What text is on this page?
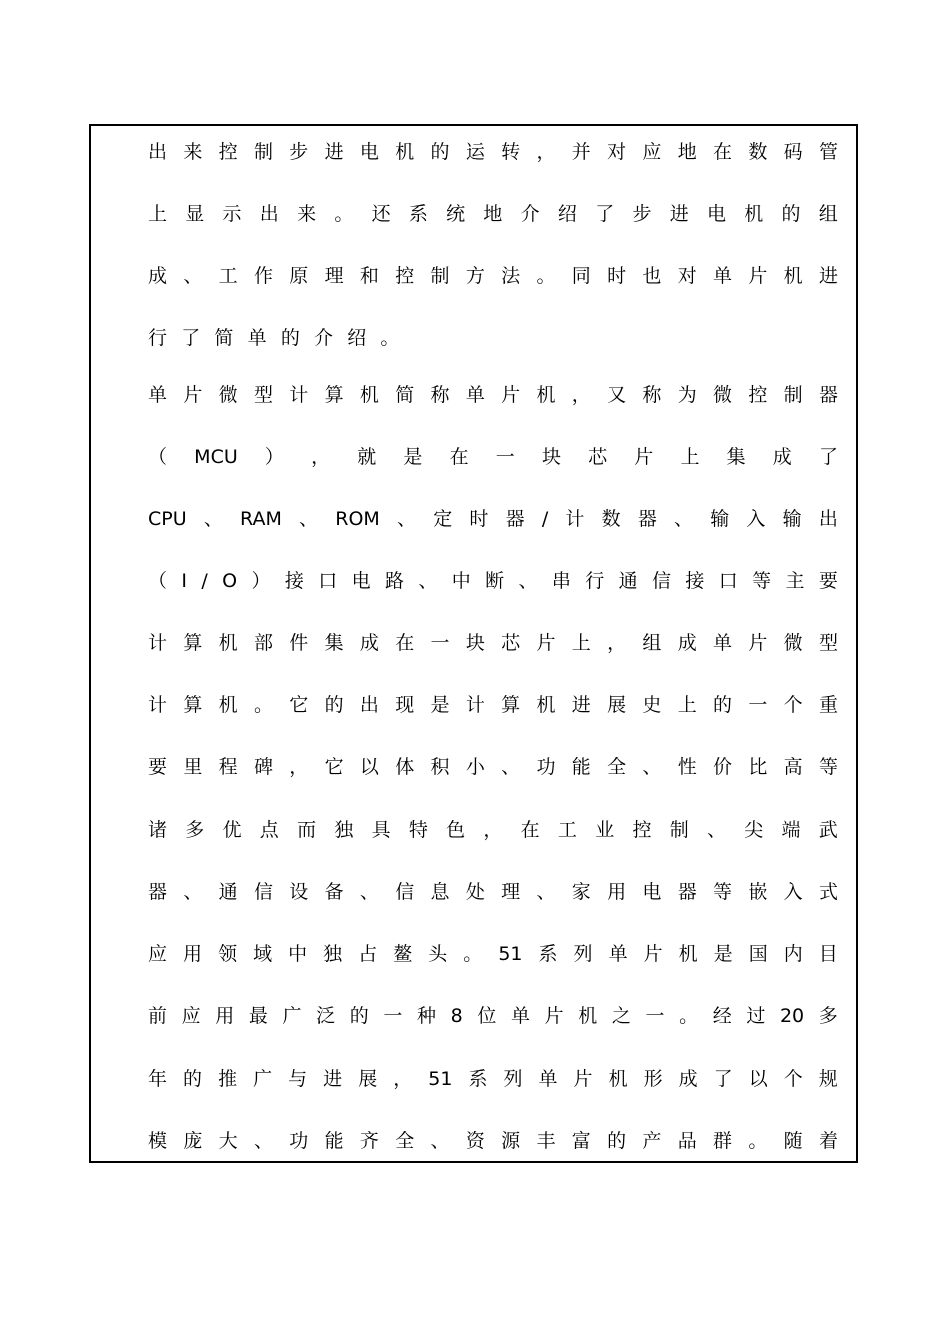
出 来 控 制 步 进 电 机 的 运 转 ， 并 对 应 地 在 数 码 管
上 显 示 出 来 。 还 系 统 地 介 绍 了 步 进 电 机 的 组
成 、 工 作 原 理 和 控 制 方 法 。 同 时 也 对 单 片 机 进
行 了 简 单 的 介 绍 。
单 片 微 型 计 算 机 简 称 单 片 机 ， 又 称 为 微 控 制 器
（ MCU ） ， 就 是 在 一 块 芯 片 上 集 成 了
CPU 、 RAM 、 ROM 、 定 时 器 / 计 数 器 、 输 入 输 出
（ I / O ） 接 口 电 路 、 中 断 、 串 行 通 信 接 口 等 主 要
计 算 机 部 件 集 成 在 一 块 芯 片 上 ， 组 成 单 片 微 型
计 算 机 。 它 的 出 现 是 计 算 机 进 展 史 上 的 一 个 重
要 里 程 碑 ， 它 以 体 积 小 、 功 能 全 、 性 价 比 高 等
诸 多 优 点 而 独 具 特 色 ， 在 工 业 控 制 、 尖 端 武
器 、 通 信 设 备 、 信 息 处 理 、 家 用 电 器 等 嵌 入 式
应 用 领 域 中 独 占 鳌 头 。 51 系 列 单 片 机 是 国 内 目
前 应 用 最 广 泛 的 一 种 8 位 单 片 机 之 一 。 经 过 20 多
年 的 推 广 与 进 展 ， 51 系 列 单 片 机 形 成 了 以 个 规
模 庞 大 、 功 能 齐 全 、 资 源 丰 富 的 产 品 群 。 随 着
